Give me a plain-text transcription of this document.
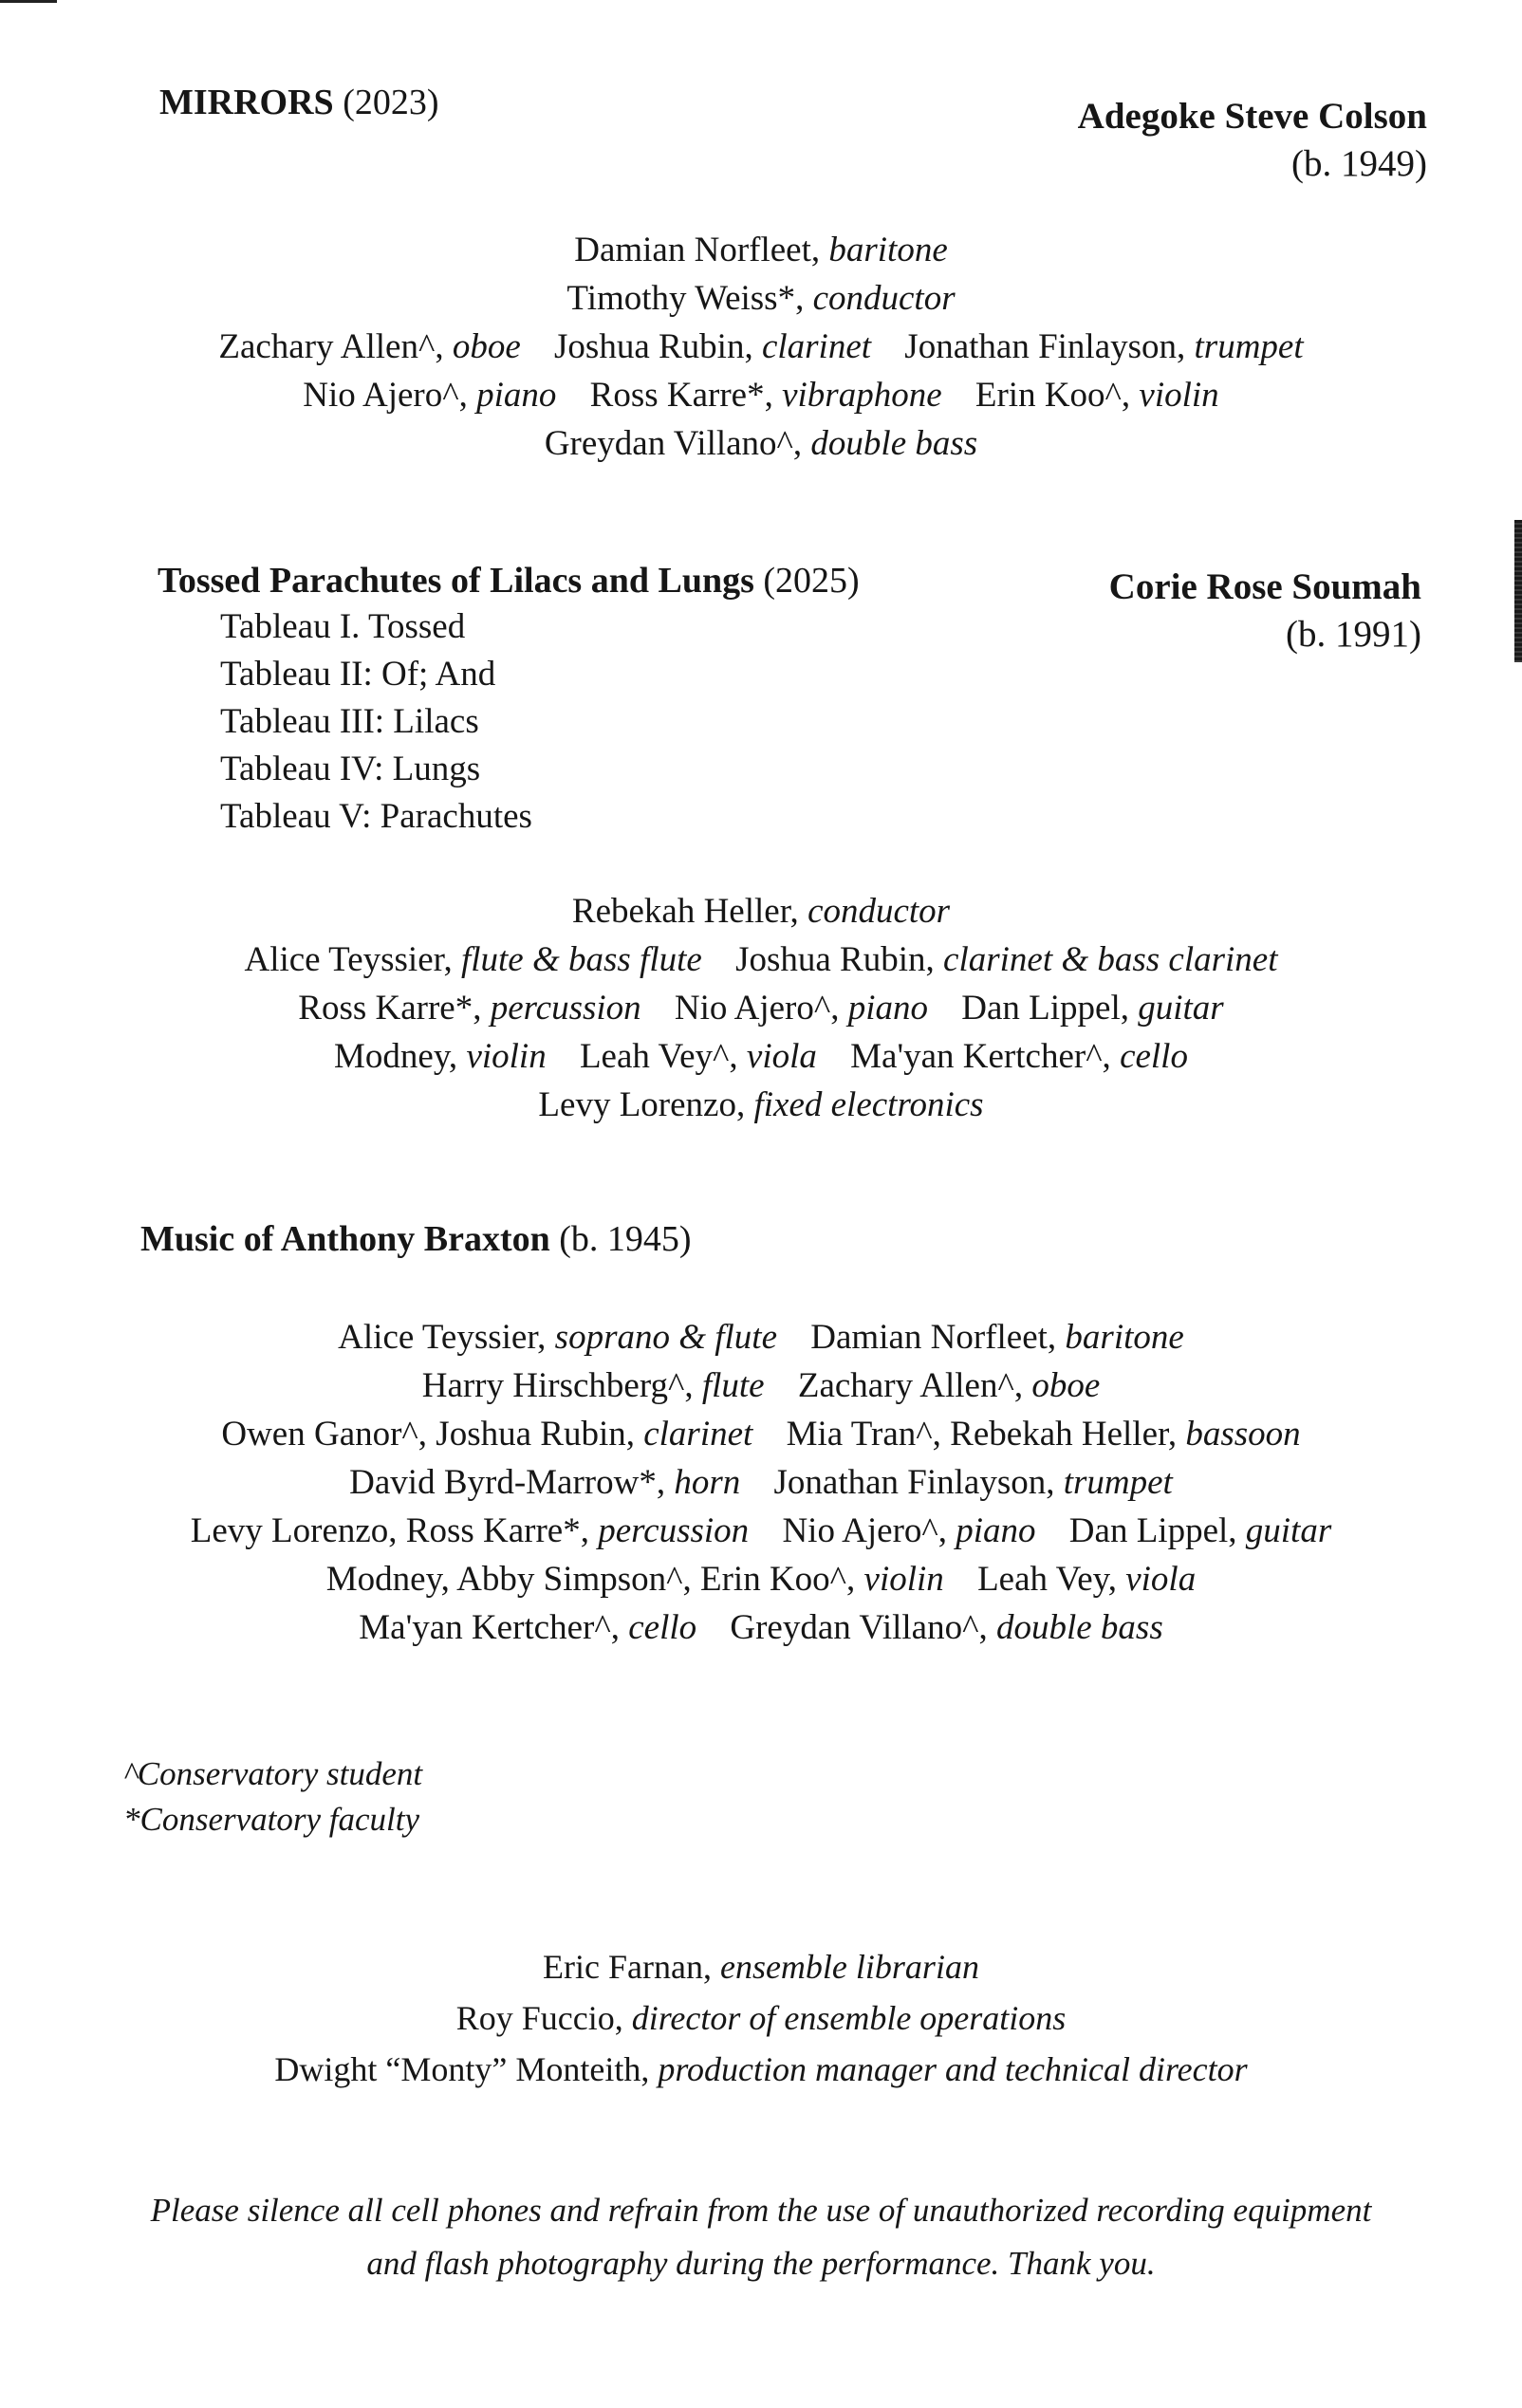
MIRRORS (2023)	Adegoke Steve Colson
(b. 1949)
Damian Norfleet, baritone
Timothy Weiss*, conductor
Zachary Allen^, oboe Joshua Rubin, clarinet Jonathan Finlayson, trumpet
Nio Ajero^, piano Ross Karre*, vibraphone Erin Koo^, violin
Greydan Villano^, double bass
Tossed Parachutes of Lilacs and Lungs (2025)	Corie Rose Soumah
(b. 1991)
Tableau I. Tossed
Tableau II: Of; And
Tableau III: Lilacs
Tableau IV: Lungs
Tableau V: Parachutes
Rebekah Heller, conductor
Alice Teyssier, flute & bass flute Joshua Rubin, clarinet & bass clarinet
Ross Karre*, percussion Nio Ajero^, piano Dan Lippel, guitar
Modney, violin Leah Vey^, viola Ma'yan Kertcher^, cello
Levy Lorenzo, fixed electronics
Music of Anthony Braxton (b. 1945)
Alice Teyssier, soprano & flute Damian Norfleet, baritone
Harry Hirschberg^, flute Zachary Allen^, oboe
Owen Ganor^, Joshua Rubin, clarinet Mia Tran^, Rebekah Heller, bassoon
David Byrd-Marrow*, horn Jonathan Finlayson, trumpet
Levy Lorenzo, Ross Karre*, percussion Nio Ajero^, piano Dan Lippel, guitar
Modney, Abby Simpson^, Erin Koo^, violin Leah Vey, viola
Ma'yan Kertcher^, cello Greydan Villano^, double bass
^Conservatory student
*Conservatory faculty
Eric Farnan, ensemble librarian
Roy Fuccio, director of ensemble operations
Dwight “Monty” Monteith, production manager and technical director
Please silence all cell phones and refrain from the use of unauthorized recording equipment
and flash photography during the performance. Thank you.
